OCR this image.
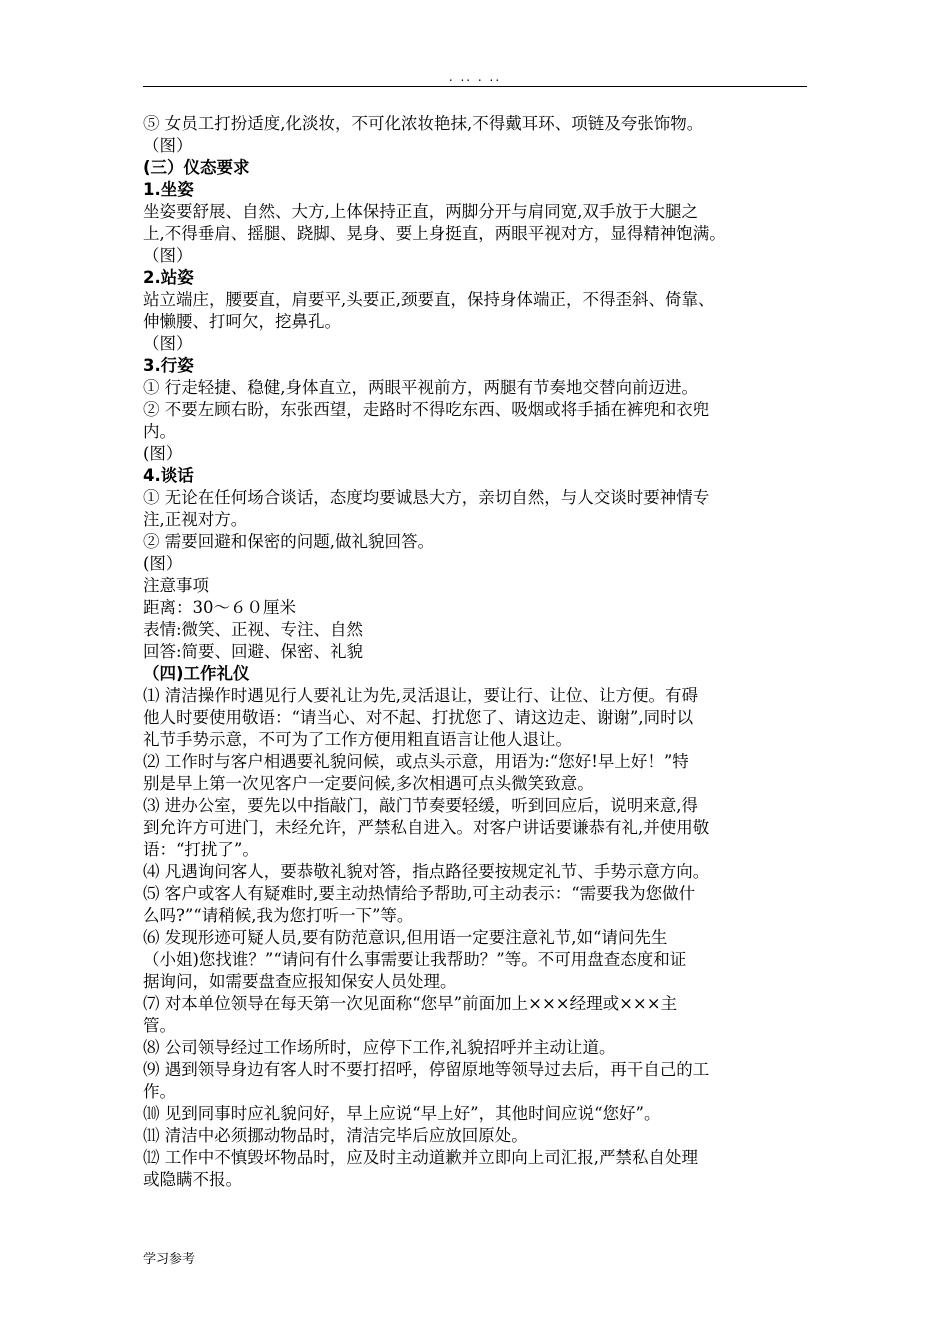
. .. . ..

⑤ 女员工打扮适度,化淡妆，不可化浓妆艳抹,不得戴耳环、项链及夸张饰物。

（图）

(三）仪态要求

1.坐姿

坐姿要舒展、自然、大方,上体保持正直，两脚分开与肩同宽,双手放于大腿之

上,不得垂肩、摇腿、跷脚、晃身、要上身挺直，两眼平视对方，显得精神饱满。

（图）

2.站姿

站立端庄，腰要直，肩要平,头要正,颈要直，保持身体端正，不得歪斜、倚靠、

伸懒腰、打呵欠，挖鼻孔。

（图）

3.行姿

① 行走轻捷、稳健,身体直立，两眼平视前方，两腿有节奏地交替向前迈进。

② 不要左顾右盼，东张西望，走路时不得吃东西、吸烟或将手插在裤兜和衣兜

内。

(图）

4.谈话

① 无论在任何场合谈话，态度均要诚恳大方，亲切自然，与人交谈时要神情专

注,正视对方。

② 需要回避和保密的问题,做礼貌回答。

(图）

注意事项

距离：30～６０厘米

表情:微笑、正视、专注、自然

回答:简要、回避、保密、礼貌

（四)工作礼仪

⑴ 清洁操作时遇见行人要礼让为先,灵活退让，要让行、让位、让方便。有碍

他人时要使用敬语：“请当心、对不起、打扰您了、请这边走、谢谢”,同时以

礼节手势示意，不可为了工作方便用粗直语言让他人退让。

⑵ 工作时与客户相遇要礼貌问候，或点头示意，用语为:“您好!早上好！”特

别是早上第一次见客户一定要问候,多次相遇可点头微笑致意。

⑶ 进办公室，要先以中指敲门，敲门节奏要轻缓，听到回应后，说明来意,得

到允许方可进门，未经允许，严禁私自进入。对客户讲话要谦恭有礼,并使用敬

语：“打扰了”。

⑷ 凡遇询问客人，要恭敬礼貌对答，指点路径要按规定礼节、手势示意方向。

⑸ 客户或客人有疑难时,要主动热情给予帮助,可主动表示：“需要我为您做什

么吗?”“请稍候,我为您打听一下”等。

⑹ 发现形迹可疑人员,要有防范意识,但用语一定要注意礼节,如“请问先生

（小姐)您找谁？”“请问有什么事需要让我帮助？”等。不可用盘查态度和证

据询问，如需要盘查应报知保安人员处理。

⑺ 对本单位领导在每天第一次见面称“您早”前面加上×××经理或×××主

管。

⑻ 公司领导经过工作场所时，应停下工作,礼貌招呼并主动让道。

⑼ 遇到领导身边有客人时不要打招呼，停留原地等领导过去后，再干自己的工

作。

⑽ 见到同事时应礼貌问好，早上应说“早上好”，其他时间应说“您好”。

⑾ 清洁中必须挪动物品时，清洁完毕后应放回原处。

⑿ 工作中不慎毁坏物品时，应及时主动道歉并立即向上司汇报,严禁私自处理

或隐瞒不报。

学习参考
